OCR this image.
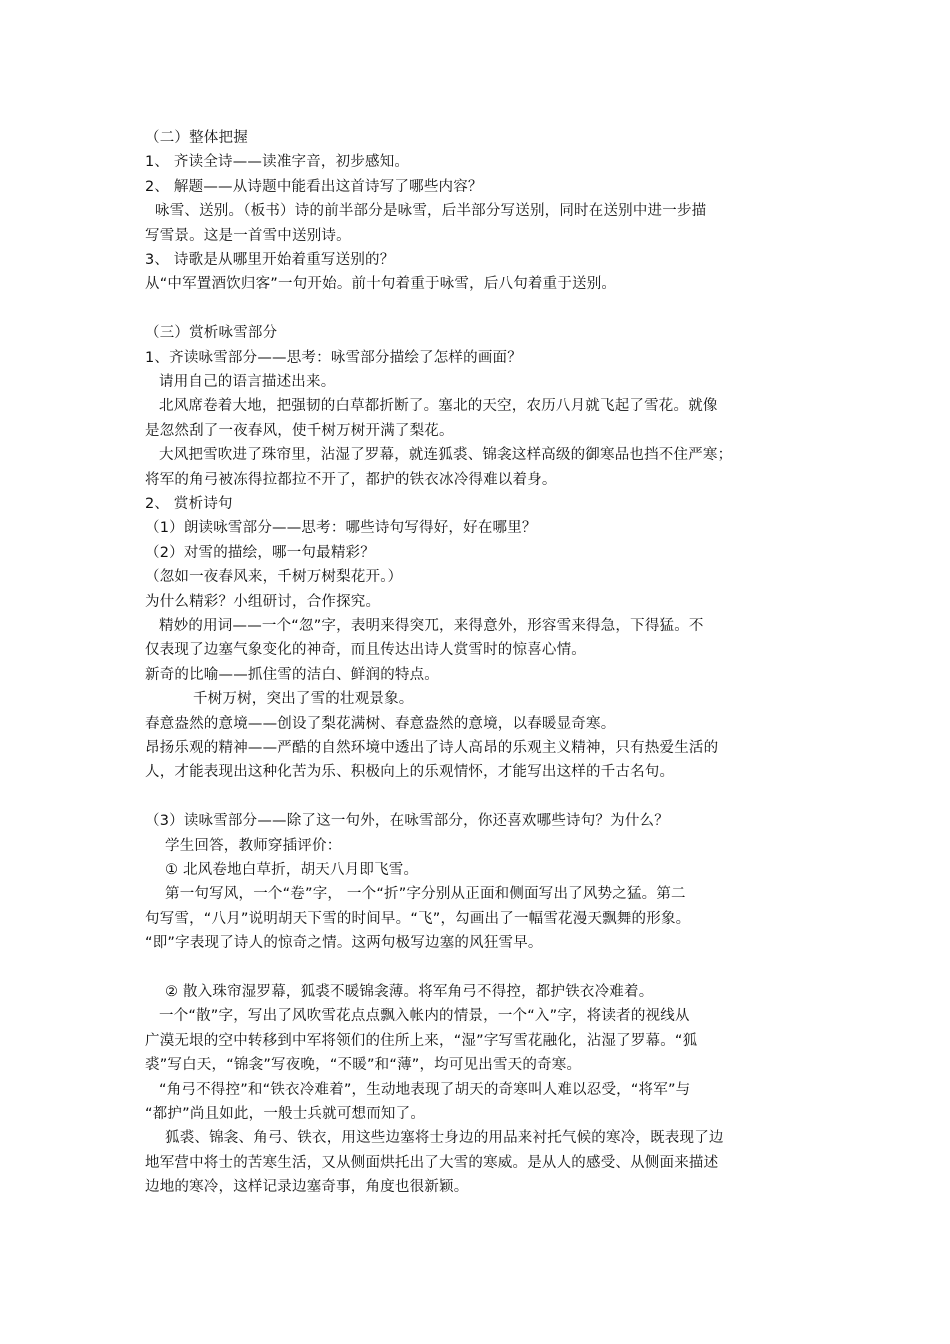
（二）整体把握
1、 齐读全诗——读准字音，初步感知。
2、 解题——从诗题中能看出这首诗写了哪些内容？
咏雪、送别。（板书）诗的前半部分是咏雪，后半部分写送别，同时在送别中进一步描
写雪景。这是一首雪中送别诗。
3、 诗歌是从哪里开始着重写送别的？
从“中军置酒饮归客”一句开始。前十句着重于咏雪，后八句着重于送别。
（三）赏析咏雪部分
1、齐读咏雪部分——思考：咏雪部分描绘了怎样的画面？
请用自己的语言描述出来。
北风席卷着大地，把强韧的白草都折断了。塞北的天空，农历八月就飞起了雪花。就像
是忽然刮了一夜春风，使千树万树开满了梨花。
大风把雪吹进了珠帘里，沾湿了罗幕，就连狐裘、锦衾这样高级的御寒品也挡不住严寒；
将军的角弓被冻得拉都拉不开了，都护的铁衣冰冷得难以着身。
2、 赏析诗句
（1）朗读咏雪部分——思考：哪些诗句写得好，好在哪里？
（2）对雪的描绘，哪一句最精彩？
（忽如一夜春风来，千树万树梨花开。）
为什么精彩？小组研讨，合作探究。
精妙的用词——一个“忽”字，表明来得突兀，来得意外，形容雪来得急，下得猛。不
仅表现了边塞气象变化的神奇，而且传达出诗人赏雪时的惊喜心情。
新奇的比喻——抓住雪的洁白、鲜润的特点。
千树万树，突出了雪的壮观景象。
春意盎然的意境——创设了梨花满树、春意盎然的意境，以春暖显奇寒。
昂扬乐观的精神——严酷的自然环境中透出了诗人高昂的乐观主义精神，只有热爱生活的
人，才能表现出这种化苦为乐、积极向上的乐观情怀，才能写出这样的千古名句。
（3）读咏雪部分——除了这一句外，在咏雪部分，你还喜欢哪些诗句？为什么？
学生回答，教师穿插评价：
① 北风卷地白草折，胡天八月即飞雪。
第一句写风，一个“卷”字， 一个“折”字分别从正面和侧面写出了风势之猛。第二
句写雪，“八月”说明胡天下雪的时间早。“飞”，勾画出了一幅雪花漫天飘舞的形象。
“即”字表现了诗人的惊奇之情。这两句极写边塞的风狂雪早。
② 散入珠帘湿罗幕，狐裘不暖锦衾薄。将军角弓不得控，都护铁衣冷难着。
一个“散”字，写出了风吹雪花点点飘入帐内的情景，一个“入”字，将读者的视线从
广漠无垠的空中转移到中军将领们的住所上来，“湿”字写雪花融化，沾湿了罗幕。“狐
裘”写白天，“锦衾”写夜晚，“不暖”和“薄”，均可见出雪天的奇寒。
“角弓不得控”和“铁衣冷难着”，生动地表现了胡天的奇寒叫人难以忍受，“将军”与
“都护”尚且如此，一般士兵就可想而知了。
狐裘、锦衾、角弓、铁衣，用这些边塞将士身边的用品来衬托气候的寒冷，既表现了边
地军营中将士的苦寒生活，又从侧面烘托出了大雪的寒威。是从人的感受、从侧面来描述
边地的寒冷，这样记录边塞奇事，角度也很新颖。
